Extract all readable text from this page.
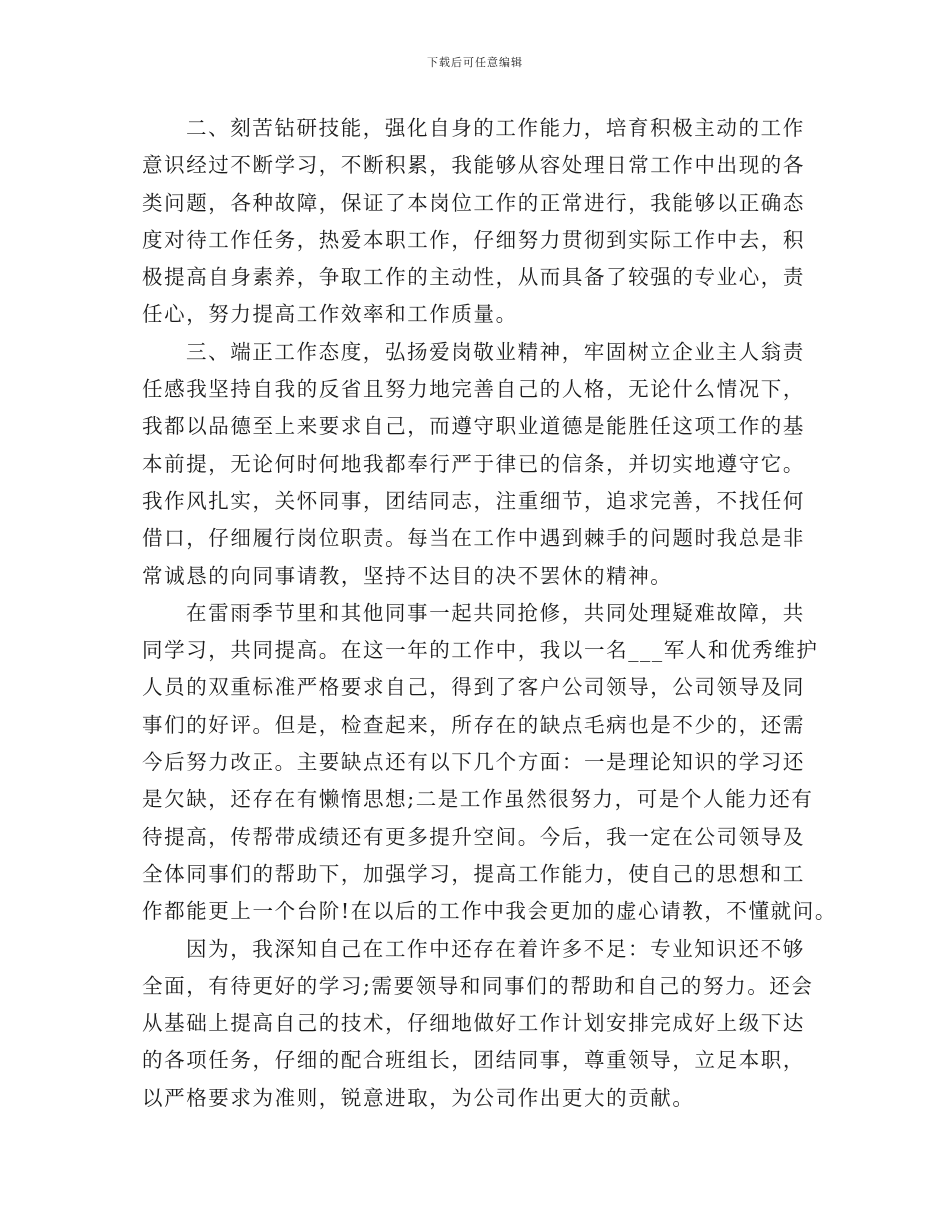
下载后可任意编辑
二、刻苦钻研技能，强化自身的工作能力，培育积极主动的工作
意识经过不断学习，不断积累，我能够从容处理日常工作中出现的各
类问题，各种故障，保证了本岗位工作的正常进行，我能够以正确态
度对待工作任务，热爱本职工作，仔细努力贯彻到实际工作中去，积
极提高自身素养，争取工作的主动性，从而具备了较强的专业心，责
任心，努力提高工作效率和工作质量。
三、端正工作态度，弘扬爱岗敬业精神，牢固树立企业主人翁责
任感我坚持自我的反省且努力地完善自己的人格，无论什么情况下，
我都以品德至上来要求自己，而遵守职业道德是能胜任这项工作的基
本前提，无论何时何地我都奉行严于律已的信条，并切实地遵守它。
我作风扎实，关怀同事，团结同志，注重细节，追求完善，不找任何
借口，仔细履行岗位职责。每当在工作中遇到棘手的问题时我总是非
常诚恳的向同事请教，坚持不达目的决不罢休的精神。
在雷雨季节里和其他同事一起共同抢修，共同处理疑难故障，共
同学习，共同提高。在这一年的工作中，我以一名___军人和优秀维护
人员的双重标准严格要求自己，得到了客户公司领导，公司领导及同
事们的好评。但是，检查起来，所存在的缺点毛病也是不少的，还需
今后努力改正。主要缺点还有以下几个方面：一是理论知识的学习还
是欠缺，还存在有懒惰思想;二是工作虽然很努力，可是个人能力还有
待提高，传帮带成绩还有更多提升空间。今后，我一定在公司领导及
全体同事们的帮助下，加强学习，提高工作能力，使自己的思想和工
作都能更上一个台阶!在以后的工作中我会更加的虚心请教，不懂就问。
因为，我深知自己在工作中还存在着许多不足：专业知识还不够
全面，有待更好的学习;需要领导和同事们的帮助和自己的努力。还会
从基础上提高自己的技术，仔细地做好工作计划安排完成好上级下达
的各项任务，仔细的配合班组长，团结同事，尊重领导，立足本职，
以严格要求为准则，锐意进取，为公司作出更大的贡献。
